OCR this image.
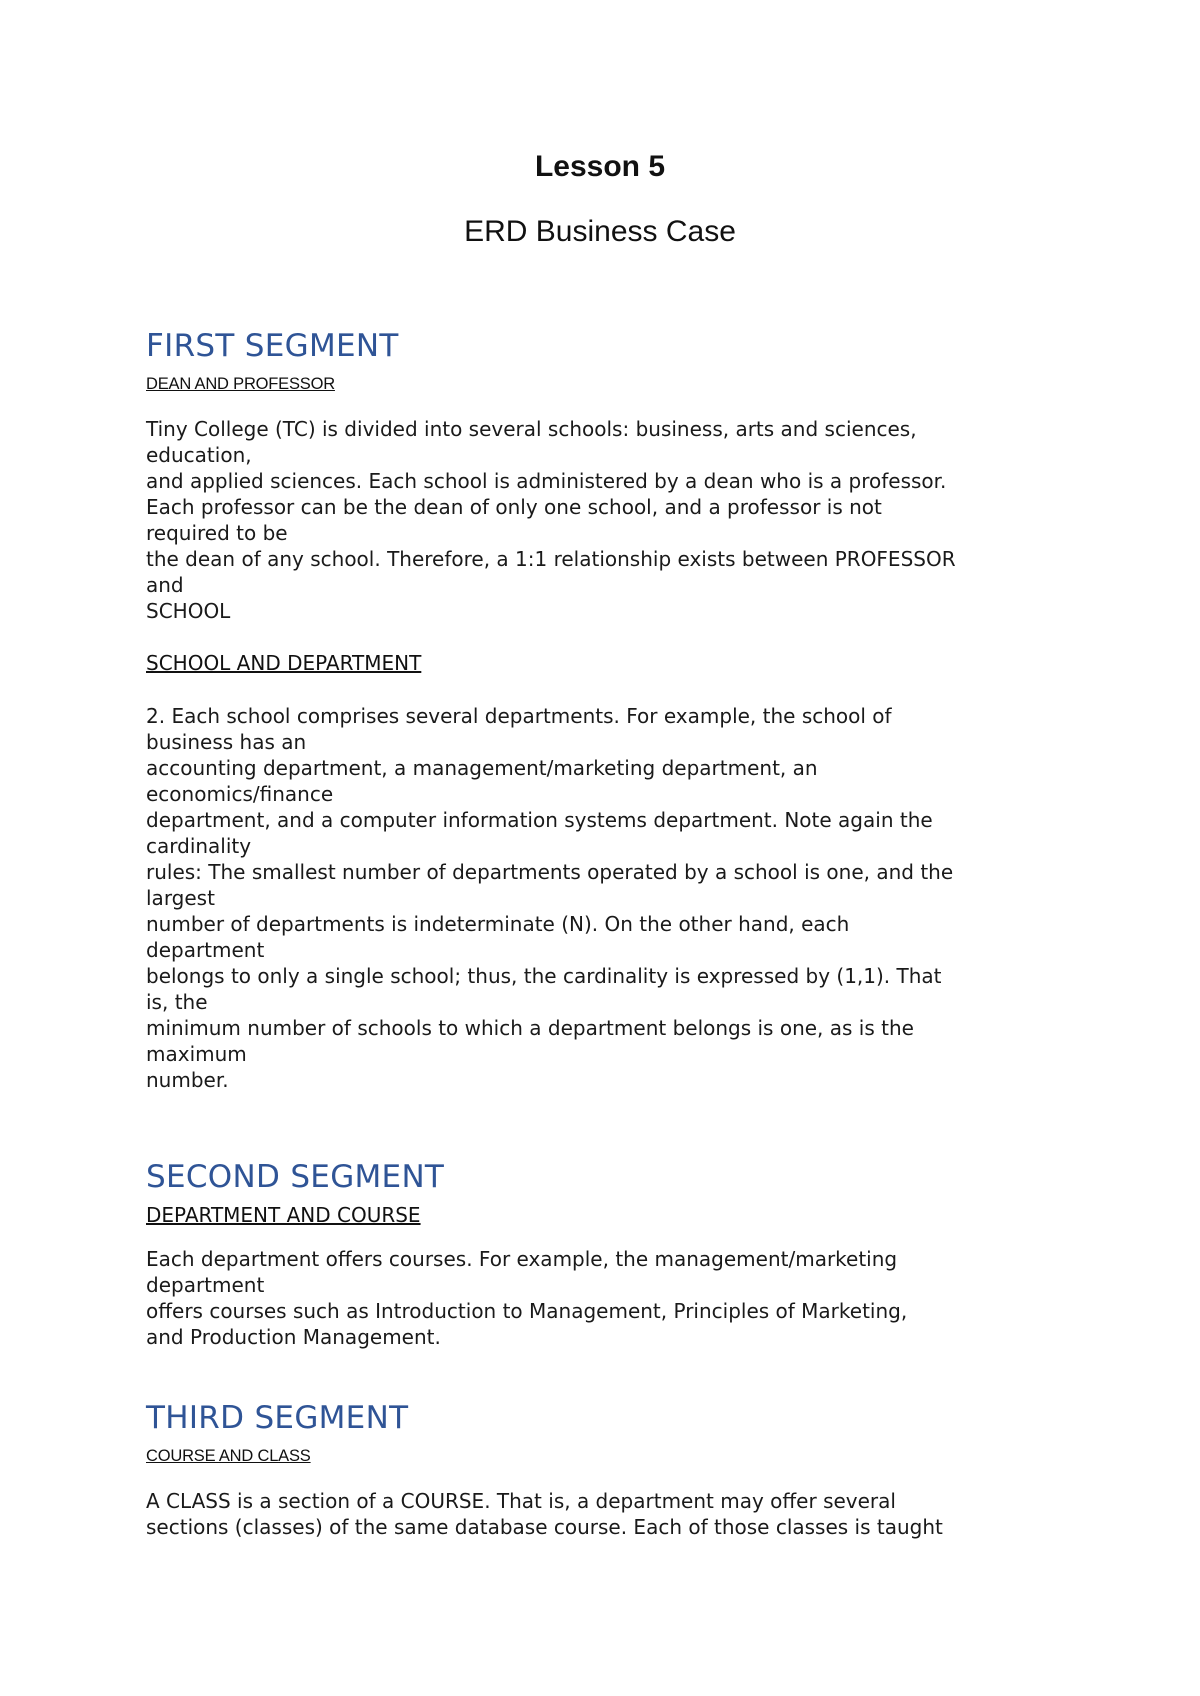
Lesson 5
ERD Business Case
FIRST SEGMENT
DEAN AND PROFESSOR
Tiny College (TC) is divided into several schools: business, arts and sciences,
education,
and applied sciences. Each school is administered by a dean who is a professor.
Each professor can be the dean of only one school, and a professor is not
required to be
the dean of any school. Therefore, a 1:1 relationship exists between PROFESSOR
and
SCHOOL
SCHOOL AND DEPARTMENT
2. Each school comprises several departments. For example, the school of
business has an
accounting department, a management/marketing department, an
economics/finance
department, and a computer information systems department. Note again the
cardinality
rules: The smallest number of departments operated by a school is one, and the
largest
number of departments is indeterminate (N). On the other hand, each
department
belongs to only a single school; thus, the cardinality is expressed by (1,1). That
is, the
minimum number of schools to which a department belongs is one, as is the
maximum
number.
SECOND SEGMENT
DEPARTMENT AND COURSE
Each department offers courses. For example, the management/marketing
department
offers courses such as Introduction to Management, Principles of Marketing,
and Production Management.
THIRD SEGMENT
COURSE AND CLASS
A CLASS is a section of a COURSE. That is, a department may offer several
sections (classes) of the same database course. Each of those classes is taught
